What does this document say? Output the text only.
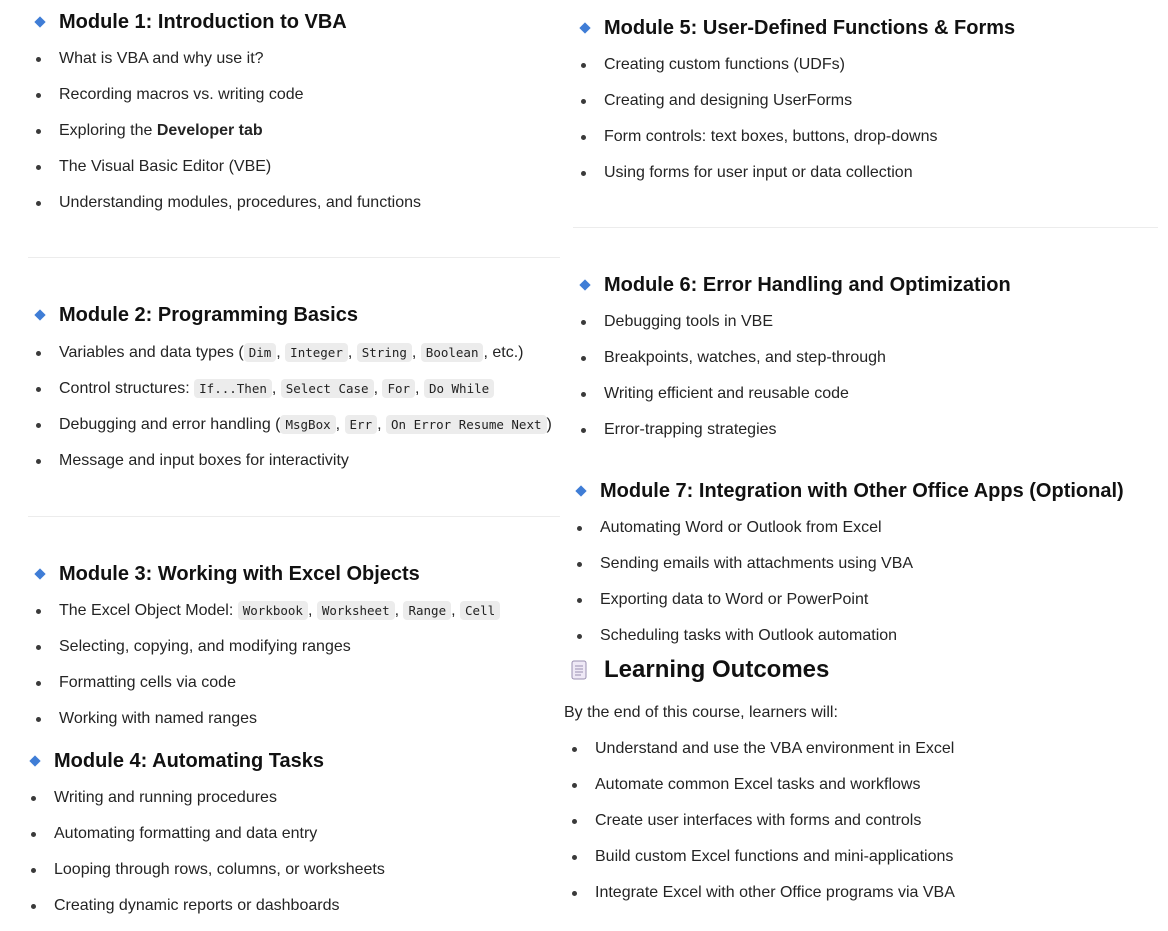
Module 1: Introduction to VBA
What is VBA and why use it?
Recording macros vs. writing code
Exploring the Developer tab
The Visual Basic Editor (VBE)
Understanding modules, procedures, and functions
Module 2: Programming Basics
Variables and data types ( Dim , Integer , String , Boolean , etc.)
Control structures: If...Then , Select Case , For , Do While
Debugging and error handling ( MsgBox , Err , On Error Resume Next )
Message and input boxes for interactivity
Module 3: Working with Excel Objects
The Excel Object Model: Workbook , Worksheet , Range , Cell
Selecting, copying, and modifying ranges
Formatting cells via code
Working with named ranges
Module 4: Automating Tasks
Writing and running procedures
Automating formatting and data entry
Looping through rows, columns, or worksheets
Creating dynamic reports or dashboards
Module 5: User-Defined Functions & Forms
Creating custom functions (UDFs)
Creating and designing UserForms
Form controls: text boxes, buttons, drop-downs
Using forms for user input or data collection
Module 6: Error Handling and Optimization
Debugging tools in VBE
Breakpoints, watches, and step-through
Writing efficient and reusable code
Error-trapping strategies
Module 7: Integration with Other Office Apps (Optional)
Automating Word or Outlook from Excel
Sending emails with attachments using VBA
Exporting data to Word or PowerPoint
Scheduling tasks with Outlook automation
Learning Outcomes
By the end of this course, learners will:
Understand and use the VBA environment in Excel
Automate common Excel tasks and workflows
Create user interfaces with forms and controls
Build custom Excel functions and mini-applications
Integrate Excel with other Office programs via VBA
